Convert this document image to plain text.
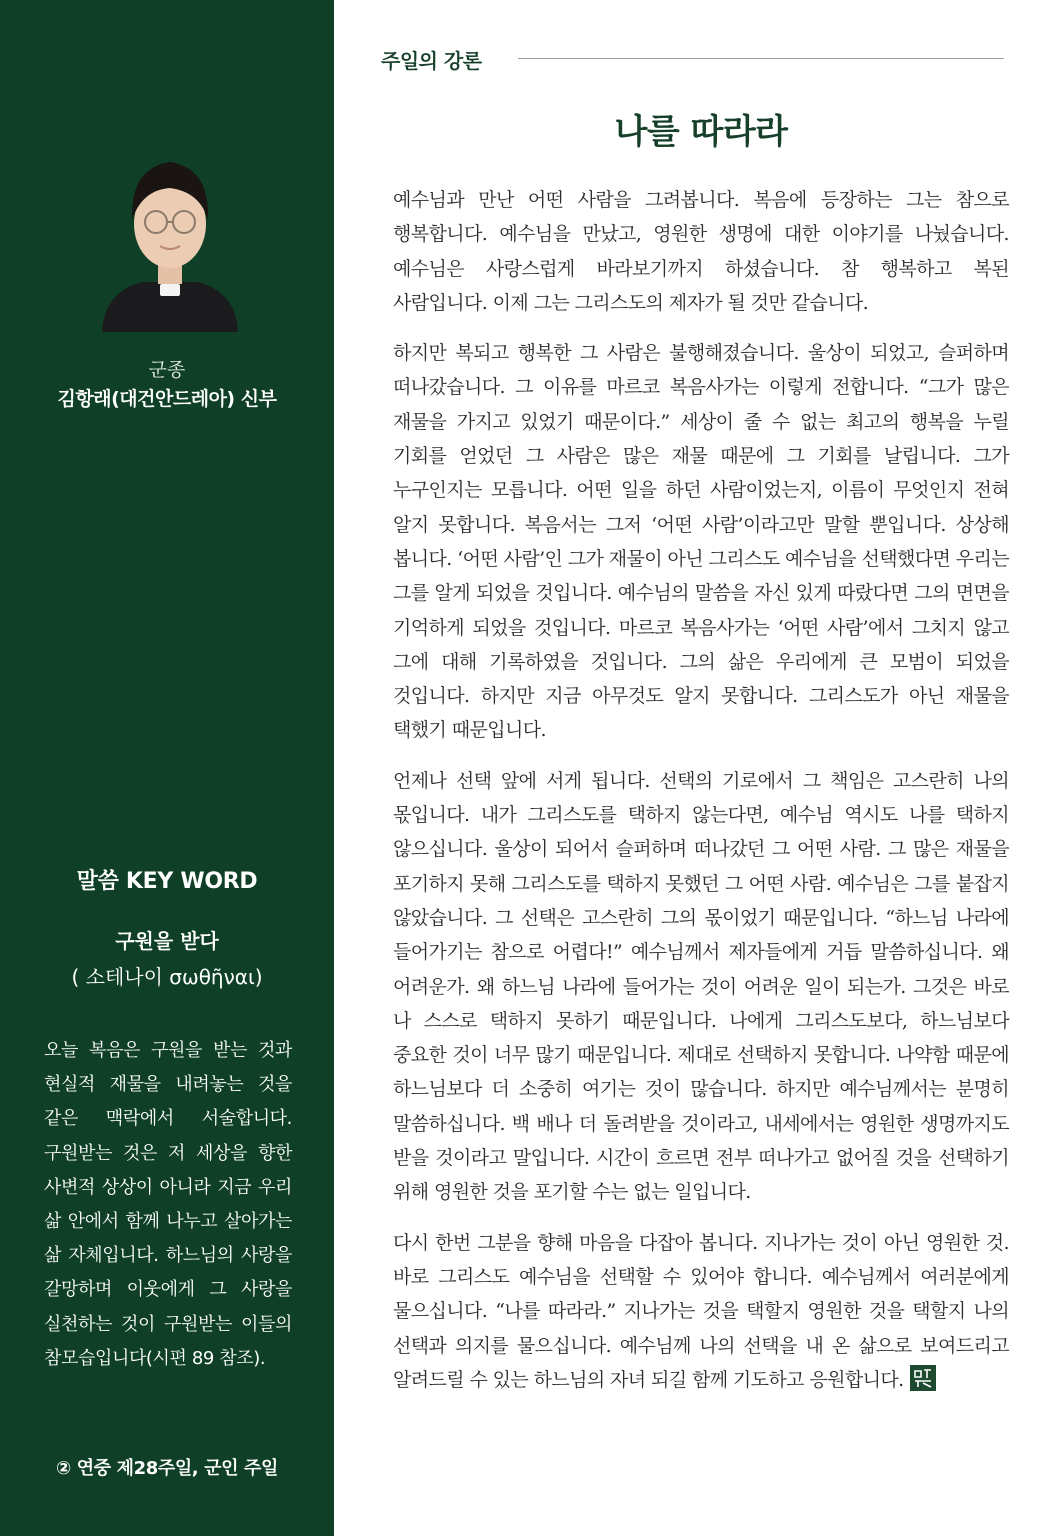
군종
김항래(대건안드레아) 신부
말씀 KEY WORD
구원을 받다
( 소테나이 σωθῆναι)
오늘 복음은 구원을 받는 것과 현실적 재물을 내려놓는 것을 같은 맥락에서 서술합니다. 구원받는 것은 저 세상을 향한 사변적 상상이 아니라 지금 우리 삶 안에서 함께 나누고 살아가는 삶 자체입니다. 하느님의 사랑을 갈망하며 이웃에게 그 사랑을 실천하는 것이 구원받는 이들의 참모습입니다(시편 89 참조).
② 연중 제28주일, 군인 주일
주일의 강론
나를 따라라

예수님과 만난 어떤 사람을 그려봅니다. 복음에 등장하는 그는 참으로 행복합니다. 예수님을 만났고, 영원한 생명에 대한 이야기를 나눴습니다. 예수님은 사랑스럽게 바라보기까지 하셨습니다. 참 행복하고 복된 사람입니다. 이제 그는 그리스도의 제자가 될 것만 같습니다.

하지만 복되고 행복한 그 사람은 불행해졌습니다. 울상이 되었고, 슬퍼하며 떠나갔습니다. 그 이유를 마르코 복음사가는 이렇게 전합니다. “그가 많은 재물을 가지고 있었기 때문이다.” 세상이 줄 수 없는 최고의 행복을 누릴 기회를 얻었던 그 사람은 많은 재물 때문에 그 기회를 날립니다. 그가 누구인지는 모릅니다. 어떤 일을 하던 사람이었는지, 이름이 무엇인지 전혀 알지 못합니다. 복음서는 그저 ‘어떤 사람’이라고만 말할 뿐입니다. 상상해 봅니다. ‘어떤 사람’인 그가 재물이 아닌 그리스도 예수님을 선택했다면 우리는 그를 알게 되었을 것입니다. 예수님의 말씀을 자신 있게 따랐다면 그의 면면을 기억하게 되었을 것입니다. 마르코 복음사가는 ‘어떤 사람’에서 그치지 않고 그에 대해 기록하였을 것입니다. 그의 삶은 우리에게 큰 모범이 되었을 것입니다. 하지만 지금 아무것도 알지 못합니다. 그리스도가 아닌 재물을 택했기 때문입니다.

언제나 선택 앞에 서게 됩니다. 선택의 기로에서 그 책임은 고스란히 나의 몫입니다. 내가 그리스도를 택하지 않는다면, 예수님 역시도 나를 택하지 않으십니다. 울상이 되어서 슬퍼하며 떠나갔던 그 어떤 사람. 그 많은 재물을 포기하지 못해 그리스도를 택하지 못했던 그 어떤 사람. 예수님은 그를 붙잡지 않았습니다. 그 선택은 고스란히 그의 몫이었기 때문입니다. “하느님 나라에 들어가기는 참으로 어렵다!” 예수님께서 제자들에게 거듭 말씀하십니다. 왜 어려운가. 왜 하느님 나라에 들어가는 것이 어려운 일이 되는가. 그것은 바로 나 스스로 택하지 못하기 때문입니다. 나에게 그리스도보다, 하느님보다 중요한 것이 너무 많기 때문입니다. 제대로 선택하지 못합니다. 나약함 때문에 하느님보다 더 소중히 여기는 것이 많습니다. 하지만 예수님께서는 분명히 말씀하십니다. 백 배나 더 돌려받을 것이라고, 내세에서는 영원한 생명까지도 받을 것이라고 말입니다. 시간이 흐르면 전부 떠나가고 없어질 것을 선택하기 위해 영원한 것을 포기할 수는 없는 일입니다.

다시 한번 그분을 향해 마음을 다잡아 봅니다. 지나가는 것이 아닌 영원한 것. 바로 그리스도 예수님을 선택할 수 있어야 합니다. 예수님께서 여러분에게 물으십니다. “나를 따라라.” 지나가는 것을 택할지 영원한 것을 택할지 나의 선택과 의지를 물으십니다. 예수님께 나의 선택을 내 온 삶으로 보여드리고 알려드릴 수 있는 하느님의 자녀 되길 함께 기도하고 응원합니다.
